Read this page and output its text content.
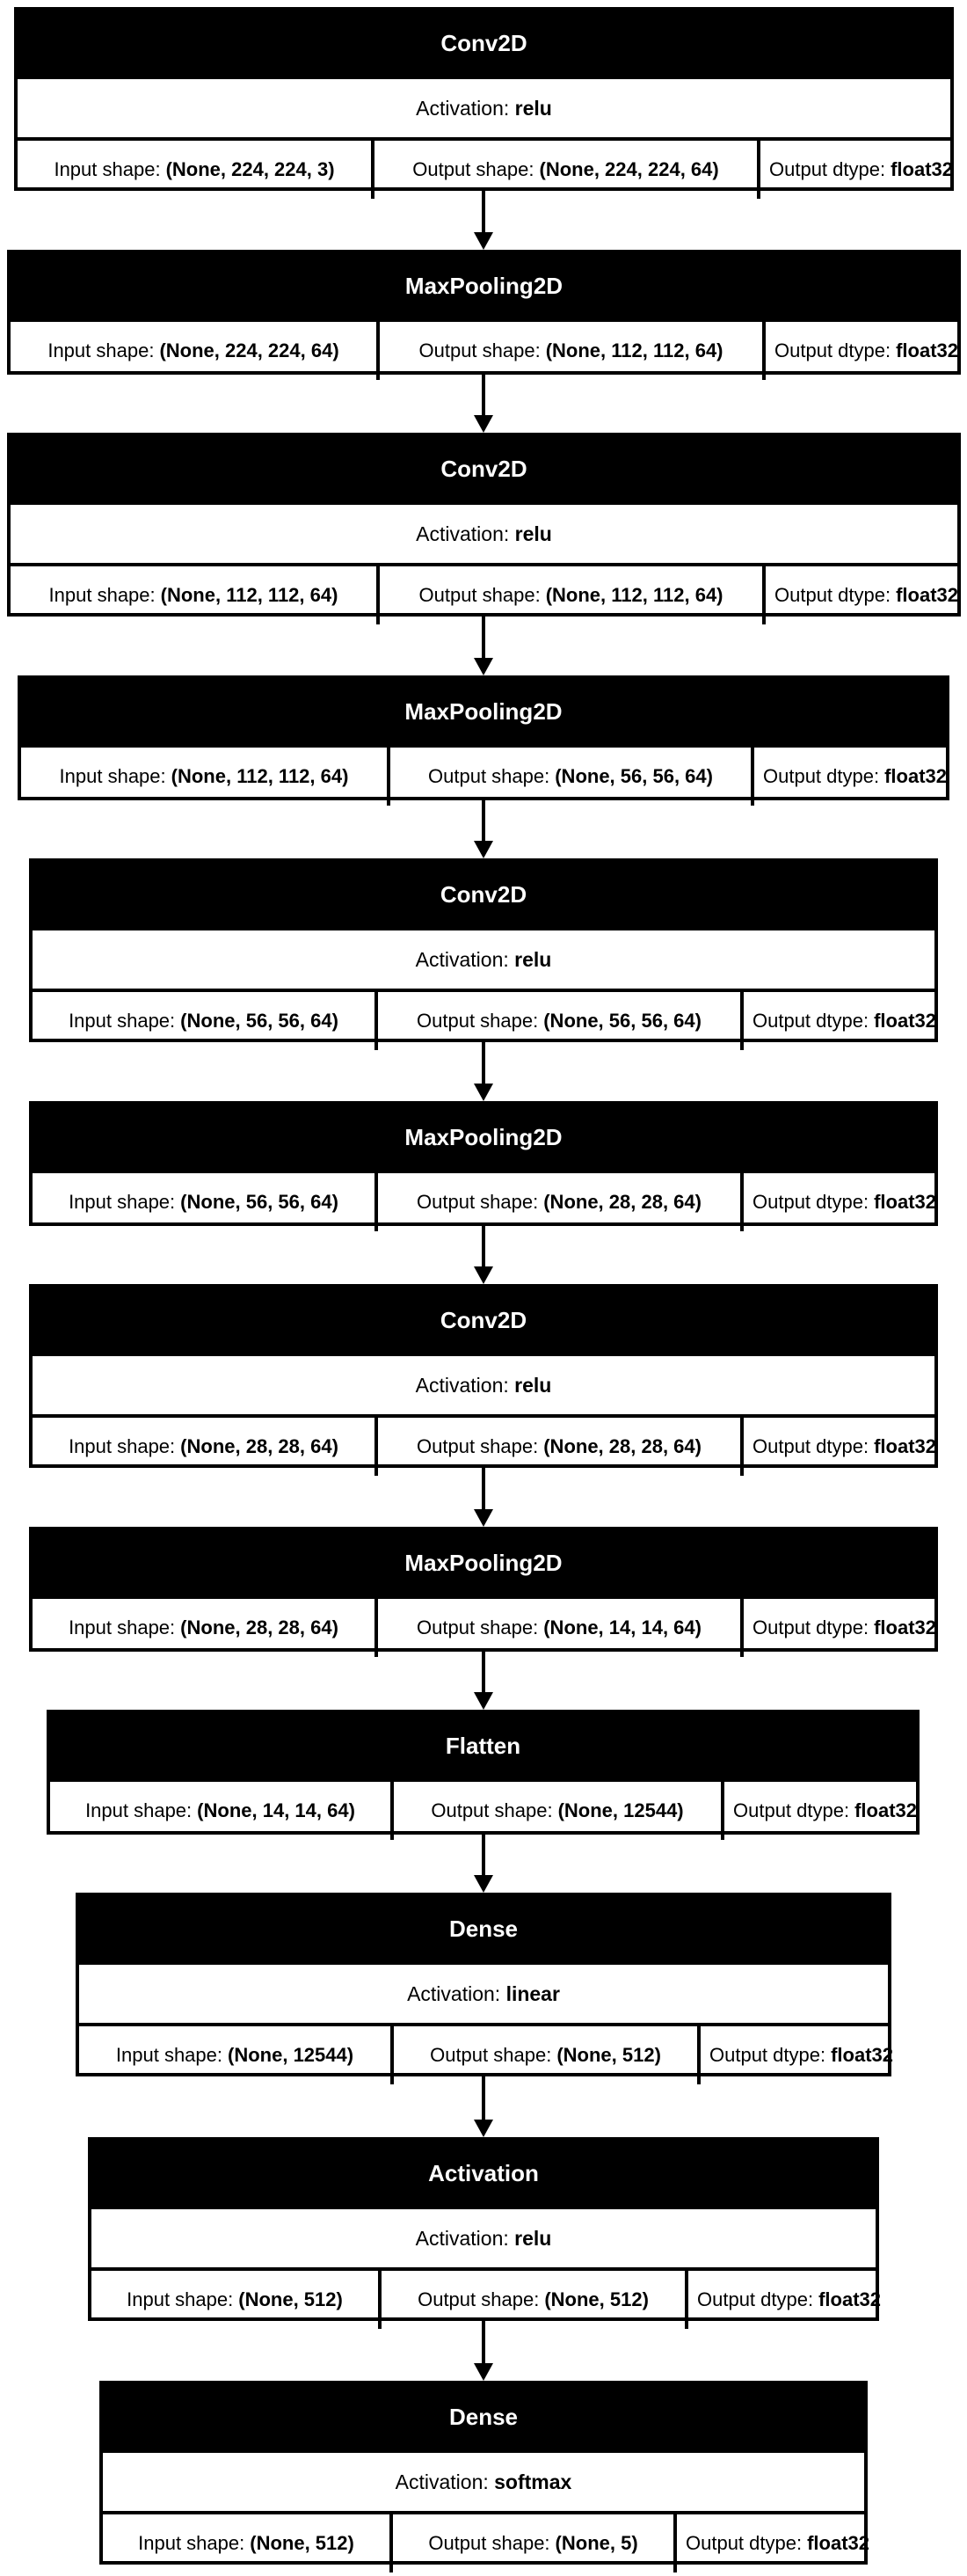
Conv2D
Activation: relu
Input shape: (None, 224, 224, 3)	Output shape: (None, 224, 224, 64)	Output dtype: float32
MaxPooling2D
Input shape: (None, 224, 224, 64)	Output shape: (None, 112, 112, 64)	Output dtype: float32
Conv2D
Activation: relu
Input shape: (None, 112, 112, 64)	Output shape: (None, 112, 112, 64)	Output dtype: float32
MaxPooling2D
Input shape: (None, 112, 112, 64)	Output shape: (None, 56, 56, 64)	Output dtype: float32
Conv2D
Activation: relu
Input shape: (None, 56, 56, 64)	Output shape: (None, 56, 56, 64)	Output dtype: float32
MaxPooling2D
Input shape: (None, 56, 56, 64)	Output shape: (None, 28, 28, 64)	Output dtype: float32
Conv2D
Activation: relu
Input shape: (None, 28, 28, 64)	Output shape: (None, 28, 28, 64)	Output dtype: float32
MaxPooling2D
Input shape: (None, 28, 28, 64)	Output shape: (None, 14, 14, 64)	Output dtype: float32
Flatten
Input shape: (None, 14, 14, 64)	Output shape: (None, 12544)	Output dtype: float32
Dense
Activation: linear
Input shape: (None, 12544)	Output shape: (None, 512)	Output dtype: float32
Activation
Activation: relu
Input shape: (None, 512)	Output shape: (None, 512)	Output dtype: float32
Dense
Activation: softmax
Input shape: (None, 512)	Output shape: (None, 5) Output dtype: float32
